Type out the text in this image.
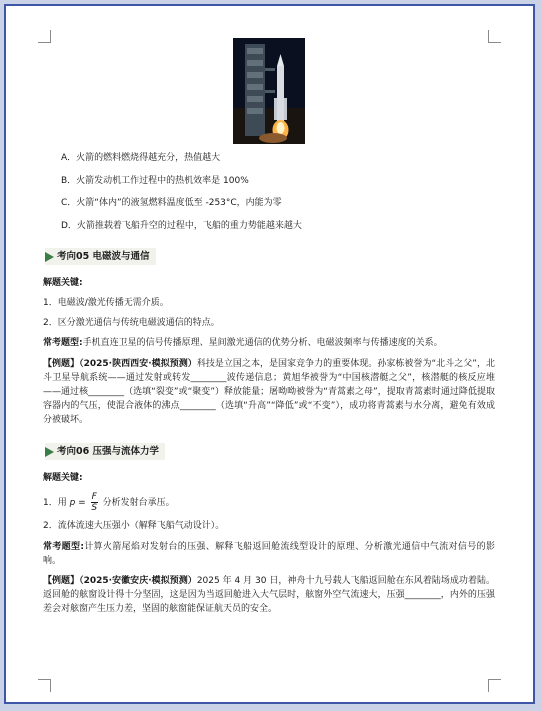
A．火箭的燃料燃烧得越充分，热值越大
B．火箭发动机工作过程中的热机效率是 100%
C．火箭“体内”的液氢燃料温度低至 -253°C，内能为零
D．火箭推载着飞船升空的过程中，飞船的重力势能越来越大
考向05 电磁波与通信
解题关键:
1．电磁波/激光传播无需介质。
2．区分激光通信与传统电磁波通信的特点。
常考题型:手机直连卫星的信号传播原理、星间激光通信的优势分析、电磁波频率与传播速度的关系。
【例题】（2025·陕西西安·模拟预测）科技是立国之本，是国家竞争力的重要体现。孙家栋被誉为“北斗之父”，北斗卫星导航系统——通过发射或转发________波传递信息；黄旭华被誉为“中国核潜艇之父”，核潜艇的核反应堆——通过核________（选填“裂变”或“聚变”）释放能量；屠呦呦被誉为“青蒿素之母”，提取青蒿素时通过降低提取容器内的气压，使混合液体的沸点________（选填“升高”“降低”或“不变”），成功将青蒿素与水分离，避免有效成分被破坏。
考向06 压强与流体力学
解题关键:
1．用 $p = \frac{F}{S}$ 分析发射台承压。
2．流体流速大压强小（解释飞船气动设计）。
常考题型:计算火箭尾焰对发射台的压强、解释飞船返回舱流线型设计的原理、分析激光通信中气流对信号的影响。
【例题】（2025·安徽安庆·模拟预测）2025 年 4 月 30 日，神舟十九号载人飞船返回舱在东风着陆场成功着陆。返回舱的舷窗设计得十分坚固，这是因为当返回舱进入大气层时，舷窗外空气流速大，压强________，内外的压强差会对舷窗产生压力差，坚固的舷窗能保证航天员的安全。
